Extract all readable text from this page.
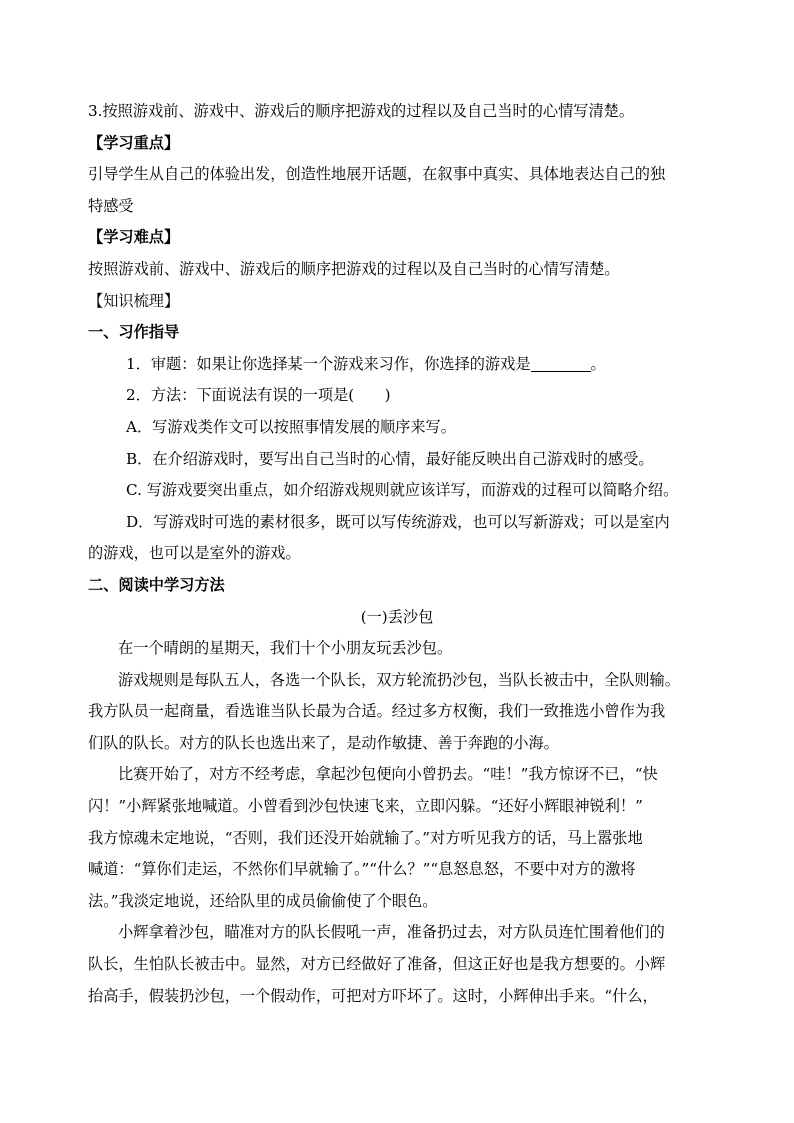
3.按照游戏前、游戏中、游戏后的顺序把游戏的过程以及自己当时的心情写清楚。
【学习重点】
引导学生从自己的体验出发，创造性地展开话题，在叙事中真实、具体地表达自己的独
特感受
【学习难点】
按照游戏前、游戏中、游戏后的顺序把游戏的过程以及自己当时的心情写清楚。
【知识梳理】
一、习作指导
1．审题：如果让你选择某一个游戏来习作，你选择的游戏是	。
2．方法：下面说法有误的一项是(　　)
A．写游戏类作文可以按照事情发展的顺序来写。
B．在介绍游戏时，要写出自己当时的心情，最好能反映出自己游戏时的感受。
C. 写游戏要突出重点，如介绍游戏规则就应该详写，而游戏的过程可以简略介绍。
D．写游戏时可选的素材很多，既可以写传统游戏，也可以写新游戏；可以是室内
的游戏，也可以是室外的游戏。
二、阅读中学习方法
(一)丢沙包
在一个晴朗的星期天，我们十个小朋友玩丢沙包。
游戏规则是每队五人，各选一个队长，双方轮流扔沙包，当队长被击中，全队则输。
我方队员一起商量，看选谁当队长最为合适。经过多方权衡，我们一致推选小曾作为我
们队的队长。对方的队长也选出来了，是动作敏捷、善于奔跑的小海。
比赛开始了，对方不经考虑，拿起沙包便向小曾扔去。“哇！”我方惊讶不已，“快
闪！”小辉紧张地喊道。小曾看到沙包快速飞来，立即闪躲。“还好小辉眼神锐利！”
我方惊魂未定地说，“否则，我们还没开始就输了。”对方听见我方的话，马上嚣张地
喊道：“算你们走运，不然你们早就输了。”“什么？”“息怒息怒，不要中对方的激将
法。”我淡定地说，还给队里的成员偷偷使了个眼色。
小辉拿着沙包，瞄准对方的队长假吼一声，准备扔过去，对方队员连忙围着他们的
队长，生怕队长被击中。显然，对方已经做好了准备，但这正好也是我方想要的。小辉
抬高手，假装扔沙包，一个假动作，可把对方吓坏了。这时，小辉伸出手来。“什么，
